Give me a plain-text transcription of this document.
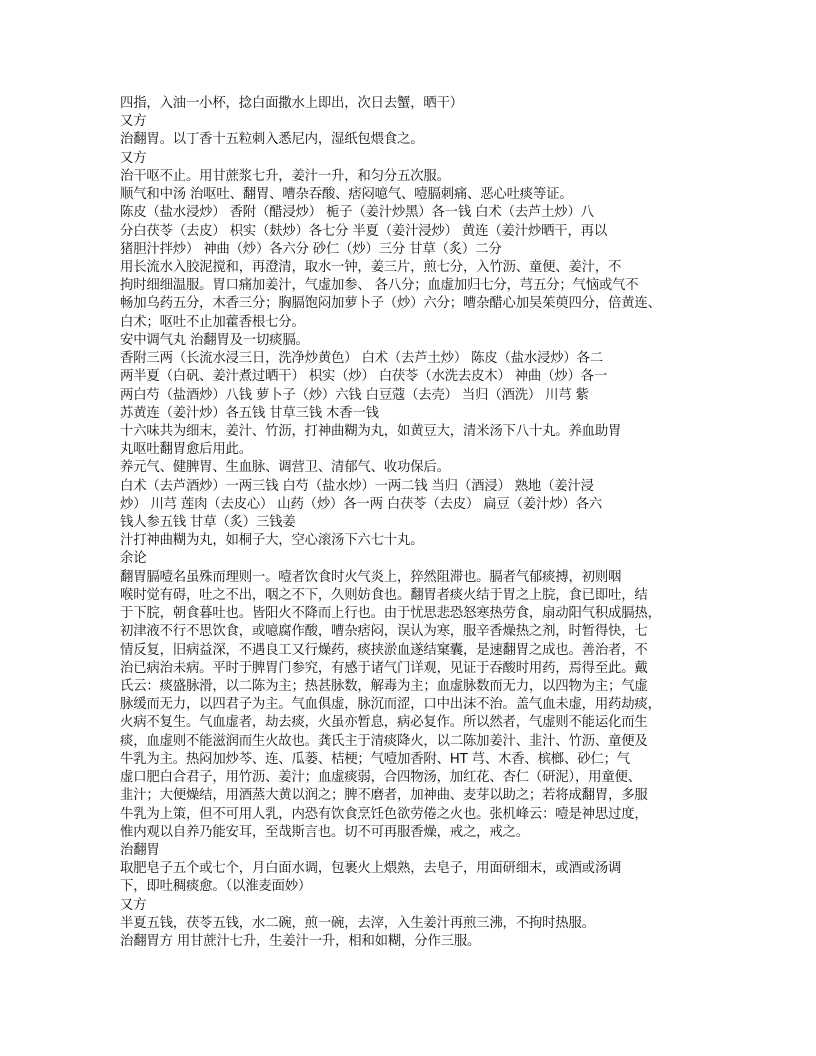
四指，入油一小杯，捻白面撒水上即出，次日去蟹，晒干）
又方
治翻胃。以丁香十五粒刺入悉尼内，湿纸包煨食之。
又方
治干呕不止。用甘蔗浆七升，姜汁一升，和匀分五次服。
顺气和中汤 治呕吐、翻胃、嘈杂吞酸、痞闷噫气、噎膈刺痛、恶心吐痰等证。
陈皮（盐水浸炒） 香附（醋浸炒） 栀子（姜汁炒黑）各一钱 白术（去芦土炒）八
分白茯苓（去皮） 枳实（麸炒）各七分 半夏（姜汁浸炒） 黄连（姜汁炒晒干，再以
猪胆汁拌炒） 神曲（炒）各六分 砂仁（炒）三分 甘草（炙）二分
用长流水入胶泥搅和，再澄清，取水一钟，姜三片，煎七分，入竹沥、童便、姜汁，不
拘时细细温服。胃口痛加姜汁，气虚加参、 各八分；血虚加归七分，芎五分；气恼或气不
畅加乌药五分，木香三分；胸膈饱闷加萝卜子（炒）六分；嘈杂醋心加吴茱萸四分，倍黄连、
白术；呕吐不止加藿香根七分。
安中调气丸 治翻胃及一切痰膈。
香附三两（长流水浸三日，洗净炒黄色） 白术（去芦土炒） 陈皮（盐水浸炒）各二
两半夏（白矾、姜汁煮过晒干） 枳实（炒） 白茯苓（水洗去皮木） 神曲（炒）各一
两白芍（盐酒炒）八钱 萝卜子（炒）六钱 白豆蔻（去壳） 当归（酒洗） 川芎 紫
苏黄连（姜汁炒）各五钱 甘草三钱 木香一钱
十六味共为细末，姜汁、竹沥，打神曲糊为丸，如黄豆大，清米汤下八十丸。养血助胃
丸呕吐翻胃愈后用此。
养元气、健脾胃、生血脉、调营卫、清郁气、收功保后。
白术（去芦酒炒）一两三钱 白芍（盐水炒）一两二钱 当归（酒浸） 熟地（姜汁浸
炒） 川芎 莲肉（去皮心） 山药（炒）各一两 白茯苓（去皮） 扁豆（姜汁炒）各六
钱人参五钱 甘草（炙）三钱姜
汁打神曲糊为丸，如桐子大，空心滚汤下六七十丸。
余论
翻胃膈噎名虽殊而理则一。噎者饮食时火气炎上，猝然阻滞也。膈者气郁痰搏，初则咽
喉时觉有碍，吐之不出，咽之不下，久则妨食也。翻胃者痰火结于胃之上脘，食已即吐，结
于下脘，朝食暮吐也。皆阳火不降而上行也。由于忧思悲恐怒寒热劳食，扇动阳气积成膈热，
初津液不行不思饮食，或噫腐作酸，嘈杂痞闷，误认为寒，服辛香燥热之剂，时暂得快，七
情反复，旧病益深，不遇良工又行燥药，痰挟淤血遂结窠囊，是速翻胃之成也。善治者，不
治已病治未病。平时于脾胃门参究，有感于诸气门详观，见证于吞酸时用药，焉得至此。戴
氏云：痰盛脉滑，以二陈为主；热甚脉数，解毒为主；血虚脉数而无力，以四物为主；气虚
脉缓而无力，以四君子为主。气血俱虚，脉沉而涩，口中出沫不治。盖气血未虚，用药劫痰，
火病不复生。气血虚者，劫去痰，火虽亦暂息，病必复作。所以然者，气虚则不能运化而生
痰，血虚则不能滋润而生火故也。龚氏主于清痰降火，以二陈加姜汁、韭汁、竹沥、童便及
牛乳为主。热闷加炒芩、连、瓜蒌、桔梗；气噎加香附、HT 芎、木香、槟榔、砂仁；气
虚口肥白合君子，用竹沥、姜汁；血虚痰弱，合四物汤，加红花、杏仁（研泥），用童便、
韭汁；大便燥结，用酒蒸大黄以润之；脾不磨者，加神曲、麦芽以助之；若将成翻胃，多服
牛乳为上策，但不可用人乳，内恐有饮食烹饪色欲劳倦之火也。张机峰云：噎是神思过度，
惟内观以自养乃能安耳，至哉斯言也。切不可再服香燥，戒之，戒之。
治翻胃
取肥皂子五个或七个，月白面水调，包裹火上煨熟，去皂子，用面研细末，或酒或汤调
下，即吐稠痰愈。（以淮麦面妙）
又方
半夏五钱，茯苓五钱，水二碗，煎一碗，去滓，入生姜汁再煎三沸，不拘时热服。
治翻胃方 用甘蔗汁七升，生姜汁一升，相和如糊，分作三服。
